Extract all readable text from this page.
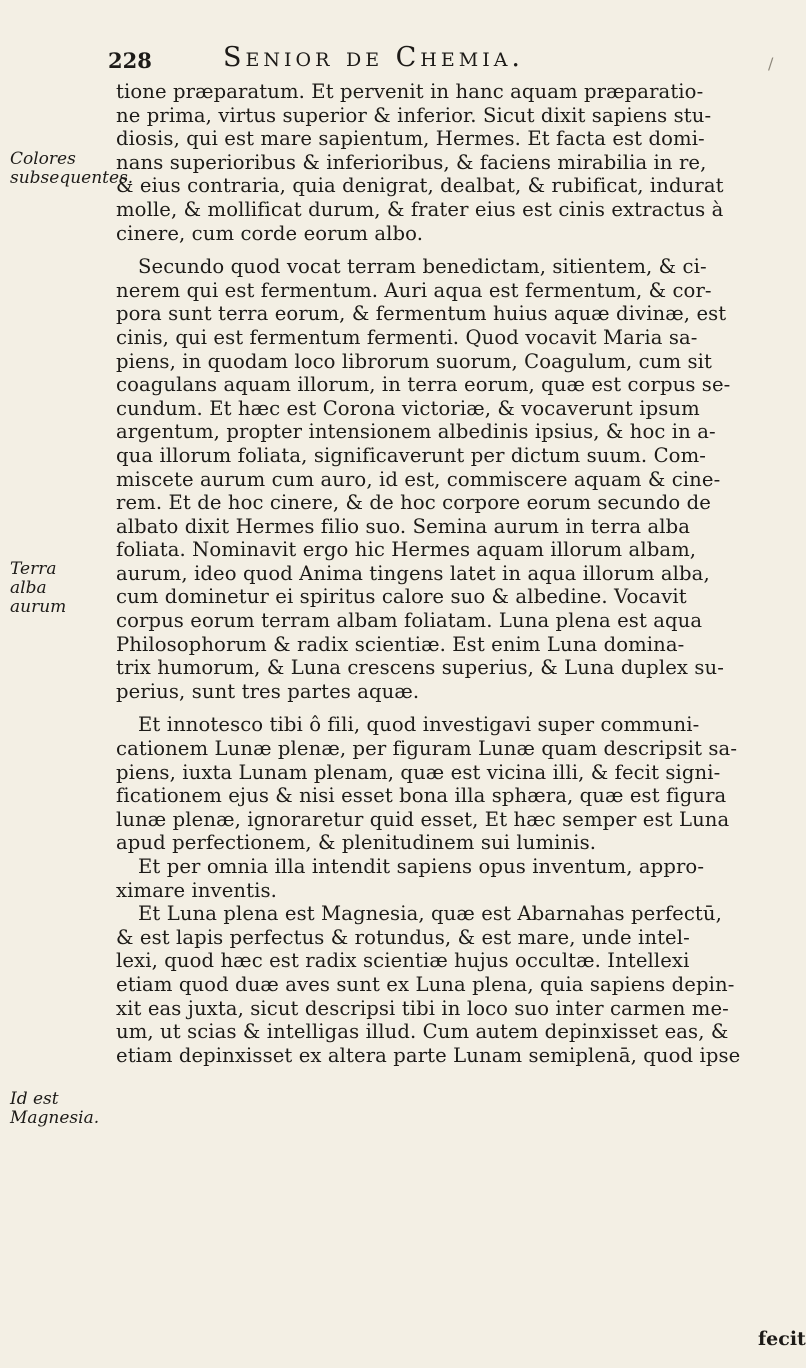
228	Senior de Chemia.	/
Colores subsequentes.
Terra alba aurum
Id est Magnesia.
tione præparatum. Et pervenit in hanc aquam præparatio-
ne prima, virtus superior & inferior. Sicut dixit sapiens stu-
diosis, qui est mare sapientum, Hermes. Et facta est domi-
nans superioribus & inferioribus, & faciens mirabilia in re,
& eius contraria, quia denigrat, dealbat, & rubificat, indurat
molle, & mollificat durum, & frater eius est cinis extractus à
cinere, cum corde eorum albo.
Secundo quod vocat terram benedictam, sitientem, & ci-
nerem qui est fermentum. Auri aqua est fermentum, & cor-
pora sunt terra eorum, & fermentum huius aquæ divinæ, est
cinis, qui est fermentum fermenti. Quod vocavit Maria sa-
piens, in quodam loco librorum suorum, Coagulum, cum sit
coagulans aquam illorum, in terra eorum, quæ est corpus se-
cundum. Et hæc est Corona victoriæ, & vocaverunt ipsum
argentum, propter intensionem albedinis ipsius, & hoc in a-
qua illorum foliata, significaverunt per dictum suum. Com-
miscete aurum cum auro, id est, commiscere aquam & cine-
rem. Et de hoc cinere, & de hoc corpore eorum secundo de
albato dixit Hermes filio suo. Semina aurum in terra alba
foliata. Nominavit ergo hic Hermes aquam illorum albam,
aurum, ideo quod Anima tingens latet in aqua illorum alba,
cum dominetur ei spiritus calore suo & albedine. Vocavit
corpus eorum terram albam foliatam. Luna plena est aqua
Philosophorum & radix scientiæ. Est enim Luna domina-
trix humorum, & Luna crescens superius, & Luna duplex su-
perius, sunt tres partes aquæ.
Et innotesco tibi ô fili, quod investigavi super communi-
cationem Lunæ plenæ, per figuram Lunæ quam descripsit sa-
piens, iuxta Lunam plenam, quæ est vicina illi, & fecit signi-
ficationem ejus & nisi esset bona illa sphæra, quæ est figura
lunæ plenæ, ignoraretur quid esset, Et hæc semper est Luna
apud perfectionem, & plenitudinem sui luminis.
Et per omnia illa intendit sapiens opus inventum, appro-
ximare inventis.
Et Luna plena est Magnesia, quæ est Abarnahas perfectū,
& est lapis perfectus & rotundus, & est mare, unde intel-
lexi, quod hæc est radix scientiæ hujus occultæ. Intellexi
etiam quod duæ aves sunt ex Luna plena, quia sapiens depin-
xit eas juxta, sicut descripsi tibi in loco suo inter carmen me-
um, ut scias & intelligas illud. Cum autem depinxisset eas, &
etiam depinxisset ex altera parte Lunam semiplenā, quod ipse
fecit
